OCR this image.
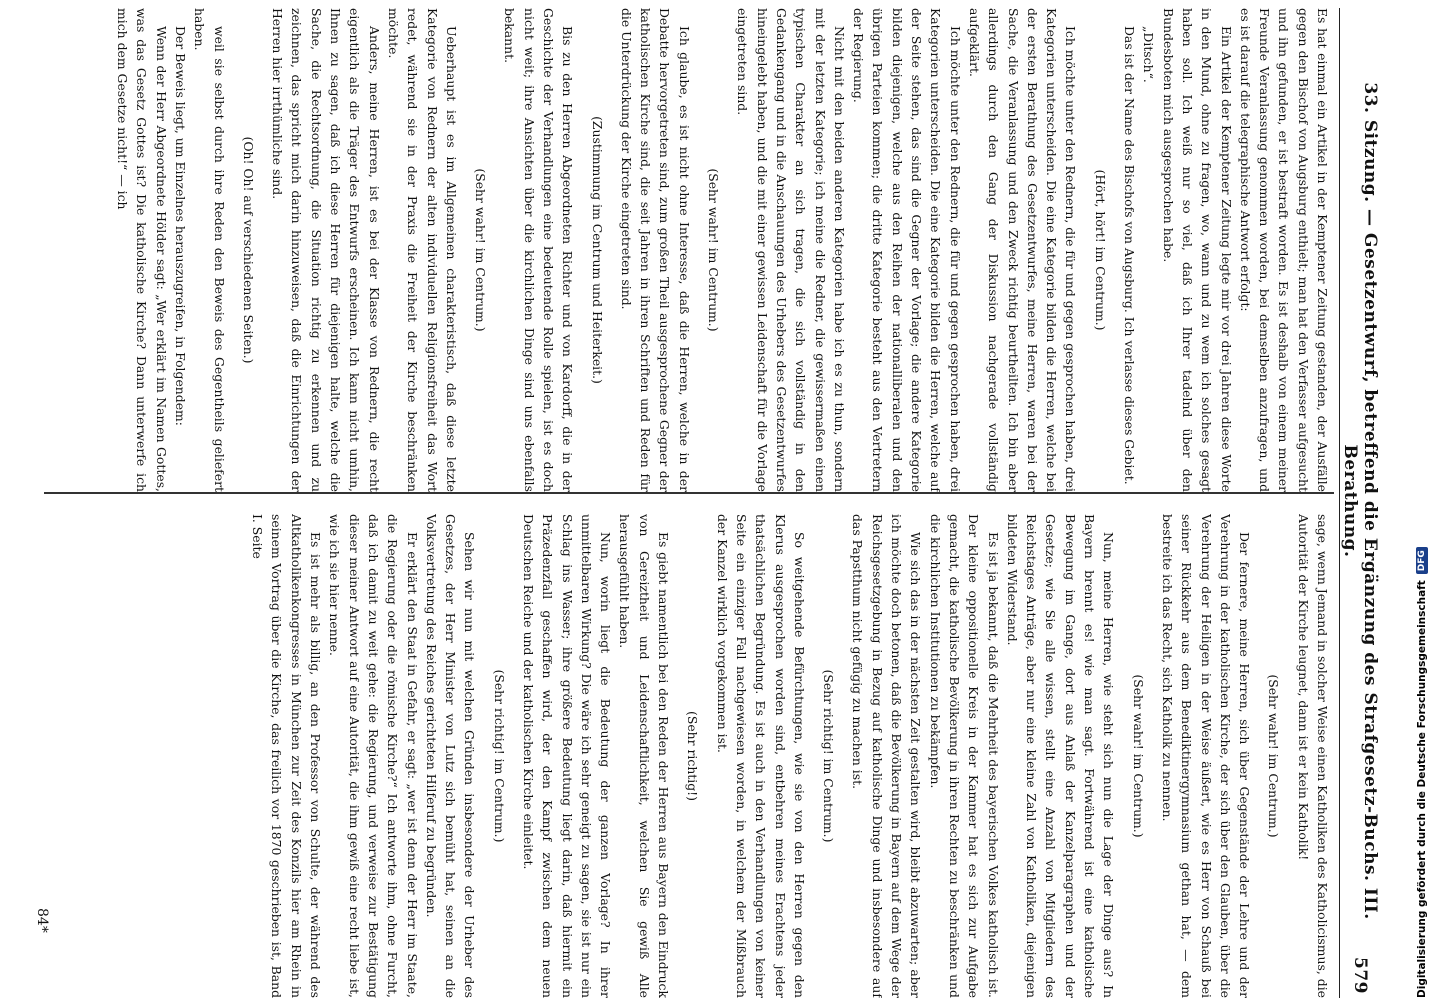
33. Sitzung. — Gesetzentwurf, betreffend die Ergänzung des Strafgesetz-Buchs. III. Berathung.
579

Es hat einmal ein Artikel in der Kemptener Zeitung gestanden, der Ausfälle gegen den Bischof von Augsburg enthielt; man hat den Verfasser aufgesucht und ihn gefunden, er ist bestraft worden. Es ist deshalb von einem meiner Freunde Veranlassung genommen worden, bei demselben anzufragen, und es ist darauf die telegraphische Antwort erfolgt:

Ein Artikel der Kemptener Zeitung legte mir vor drei Jahren diese Worte in den Mund, ohne zu fragen, wo, wann und zu wem ich solches gesagt haben soll. Ich weiß nur so viel, daß ich Ihrer tadelnd über den Bundesboten mich ausgesprochen habe.

„Ditsch“.

Das ist der Name des Bischofs von Augsburg. Ich verlasse dieses Gebiet.

(Hört, hört! im Centrum.)

Ich möchte unter den Rednern, die für und gegen gesprochen haben, drei Kategorien unterscheiden. Die eine Kategorie bilden die Herren, welche bei der ersten Berathung des Gesetzentwurfes, meine Herren, waren bei der Sache, die Veranlassung und den Zweck richtig beurtheilten. Ich bin aber allerdings durch den Gang der Diskussion nachgerade vollständig aufgeklärt.

Ich möchte unter den Rednern, die für und gegen gesprochen haben, drei Kategorien unterscheiden. Die eine Kategorie bilden die Herren, welche auf der Seite stehen, das sind die Gegner der Vorlage; die andere Kategorie bilden diejenigen, welche aus den Reihen der nationalliberalen und den übrigen Parteien kommen; die dritte Kategorie besteht aus den Vertretern der Regierung.

Nicht mit den beiden anderen Kategorien habe ich es zu thun, sondern mit der letzten Kategorie; ich meine die Redner, die gewissermaßen einen typischen Charakter an sich tragen, die sich vollständig in den Gedankengang und in die Anschauungen des Urhebers des Gesetzentwurfes hineingelebt haben, und die mit einer gewissen Leidenschaft für die Vorlage eingetreten sind.

(Sehr wahr! im Centrum.)

Ich glaube, es ist nicht ohne Interesse, daß die Herren, welche in der Debatte hervorgetreten sind, zum großen Theil ausgesprochene Gegner der katholischen Kirche sind, die seit Jahren in ihren Schriften und Reden für die Unterdrückung der Kirche eingetreten sind.

(Zustimmung im Centrum und Heiterkeit.)

Bis zu den Herren Abgeordneten Richter und von Kardorff, die in der Geschichte der Verhandlungen eine bedeutende Rolle spielen, ist es doch nicht weit; ihre Ansichten über die kirchlichen Dinge sind uns ebenfalls bekannt.

(Sehr wahr! im Centrum.)

Ueberhaupt ist es im Allgemeinen charakteristisch, daß diese letzte Kategorie von Rednern der alten individuellen Religionsfreiheit das Wort redet, während sie in der Praxis die Freiheit der Kirche beschränken möchte.

Anders, meine Herren, ist es bei der Klasse von Rednern, die recht eigentlich als die Träger des Entwurfs erscheinen. Ich kann nicht umhin, Ihnen zu sagen, daß ich diese Herren für diejenigen halte, welche die Sache, die Rechtsordnung, die Situation richtig zu erkennen und zu zeichnen, das spricht mich darin hinzuweisen, daß die Einrichtungen der Herren hier irrthümliche sind.

(Oh! Oh! auf verschiedenen Seiten.)

weil sie selbst durch ihre Reden den Beweis des Gegentheils geliefert haben.

Der Beweis liegt, um Einzelnes herauszugreifen, in Folgendem:

Wenn der Herr Abgeordnete Hölder sagt: „Wer erklärt im Namen Gottes, was das Gesetz Gottes ist? Die katholische Kirche? Dann unterwerfe ich mich dem Gesetze nicht!“ — ich

sage, wenn Jemand in solcher Weise einen Katholiken des Katholicismus, die Autorität der Kirche leugnet, dann ist er kein Katholik!

(Sehr wahr! im Centrum.)

Der fernere, meine Herren, sich über Gegenstände der Lehre und der Verehrung in der katholischen Kirche, der sich über den Glauben, über die Verehrung der Heiligen in der Weise äußert, wie es Herr von Schauß bei seiner Rückkehr aus dem Benediktinergymnasium gethan hat, — dem bestreite ich das Recht, sich Katholik zu nennen.

(Sehr wahr! im Centrum.)

Nun, meine Herren, wie steht sich nun die Lage der Dinge aus? In Bayern brennt es! wie man sagt. Fortwährend ist eine katholische Bewegung im Gange, dort aus Anlaß der Kanzelparagraphen und der Gesetze; wie Sie alle wissen, stellt eine Anzahl von Mitgliedern des Reichstages Anträge, aber nur eine kleine Zahl von Katholiken, diejenigen bildeten Widerstand.

Es ist ja bekannt, daß die Mehrheit des bayerischen Volkes katholisch ist. Der kleine oppositionelle Kreis in der Kammer hat es sich zur Aufgabe gemacht, die katholische Bevölkerung in ihren Rechten zu beschränken und die kirchlichen Institutionen zu bekämpfen.

Wie sich das in der nächsten Zeit gestalten wird, bleibt abzuwarten; aber ich möchte doch betonen, daß die Bevölkerung in Bayern auf dem Wege der Reichsgesetzgebung in Bezug auf katholische Dinge und insbesondere auf das Papstthum nicht gefügig zu machen ist.

(Sehr richtig! im Centrum.)

So weitgehende Befürchtungen, wie sie von den Herren gegen den Klerus ausgesprochen worden sind, entbehren meines Erachtens jeder thatsächlichen Begründung. Es ist auch in den Verhandlungen von keiner Seite ein einziger Fall nachgewiesen worden, in welchem der Mißbrauch der Kanzel wirklich vorgekommen ist.

(Sehr richtig!)

Es giebt namentlich bei den Reden der Herren aus Bayern den Eindruck von Gereiztheit und Leidenschaftlichkeit, welchen Sie gewiß Alle herausgefühlt haben.

Nun, worin liegt die Bedeutung der ganzen Vorlage? In ihrer unmittelbaren Wirkung? Die wäre ich sehr geneigt zu sagen, sie ist nur ein Schlag ins Wasser; ihre größere Bedeutung liegt darin, daß hiermit ein Präzedenzfall geschaffen wird, der den Kampf zwischen dem neuen Deutschen Reiche und der katholischen Kirche einleitet.

(Sehr richtig! im Centrum.)

Sehen wir nun mit welchen Gründen insbesondere der Urheber des Gesetzes, der Herr Minister von Lutz sich bemüht hat, seinen an die Volksvertretung des Reiches gerichteten Hilferuf zu begründen.

Er erklärt den Staat in Gefahr, er sagt: „wer ist denn der Herr im Staate, die Regierung oder die römische Kirche?“ Ich antworte ihm, ohne Furcht, daß ich damit zu weit gehe: die Regierung, und verweise zur Bestätigung dieser meiner Antwort auf eine Autorität, die ihm gewiß eine recht liebe ist, wie ich sie hier nenne.

Es ist mehr als billig, an den Professor von Schulte, der während des Altkatholikenkongresses in München zur Zeit des Konzils hier am Rhein in seinem Vortrag über die Kirche, das freilich vor 1870 geschrieben ist, Band I. Seite

84*	Digitalisierung gefördert durch die Deutsche Forschungsgemeinschaft
DFG
